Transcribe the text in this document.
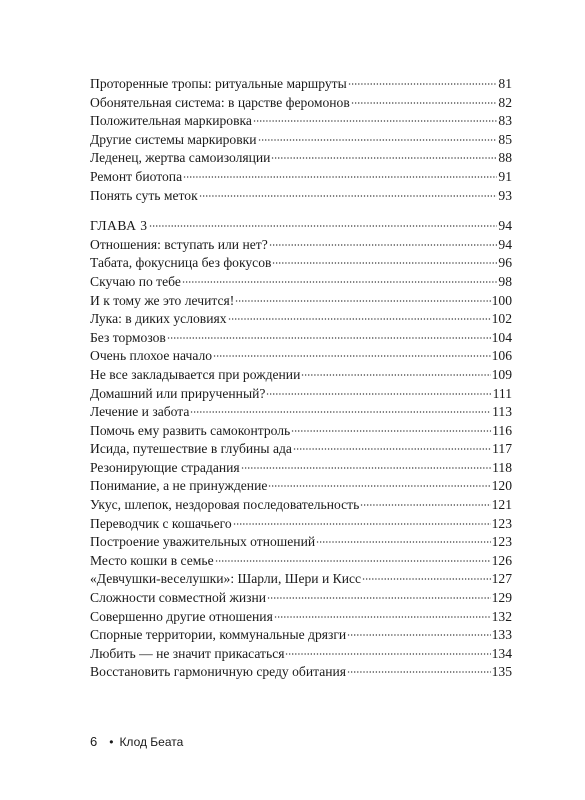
Проторенные тропы: ритуальные маршруты	81
Обонятельная система: в царстве феромонов	82
Положительная маркировка	83
Другие системы маркировки	85
Леденец, жертва самоизоляции	88
Ремонт биотопа	91
Понять суть меток	93
ГЛАВА 3	94
Отношения: вступать или нет?	94
Табата, фокусница без фокусов	96
Скучаю по тебе	98
И к тому же это лечится!	100
Лука: в диких условиях	102
Без тормозов	104
Очень плохое начало	106
Не все закладывается при рождении	109
Домашний или прирученный?	111
Лечение и забота	113
Помочь ему развить самоконтроль	116
Исида, путешествие в глубины ада	117
Резонирующие страдания	118
Понимание, а не принуждение	120
Укус, шлепок, нездоровая последовательность	121
Переводчик с кошачьего	123
Построение уважительных отношений	123
Место кошки в семье	126
«Девчушки-веселушки»: Шарли, Шери и Кисс	127
Сложности совместной жизни	129
Совершенно другие отношения	132
Спорные территории, коммунальные дрязги	133
Любить — не значит прикасаться	134
Восстановить гармоничную среду обитания	135
6 • Клод Беата
